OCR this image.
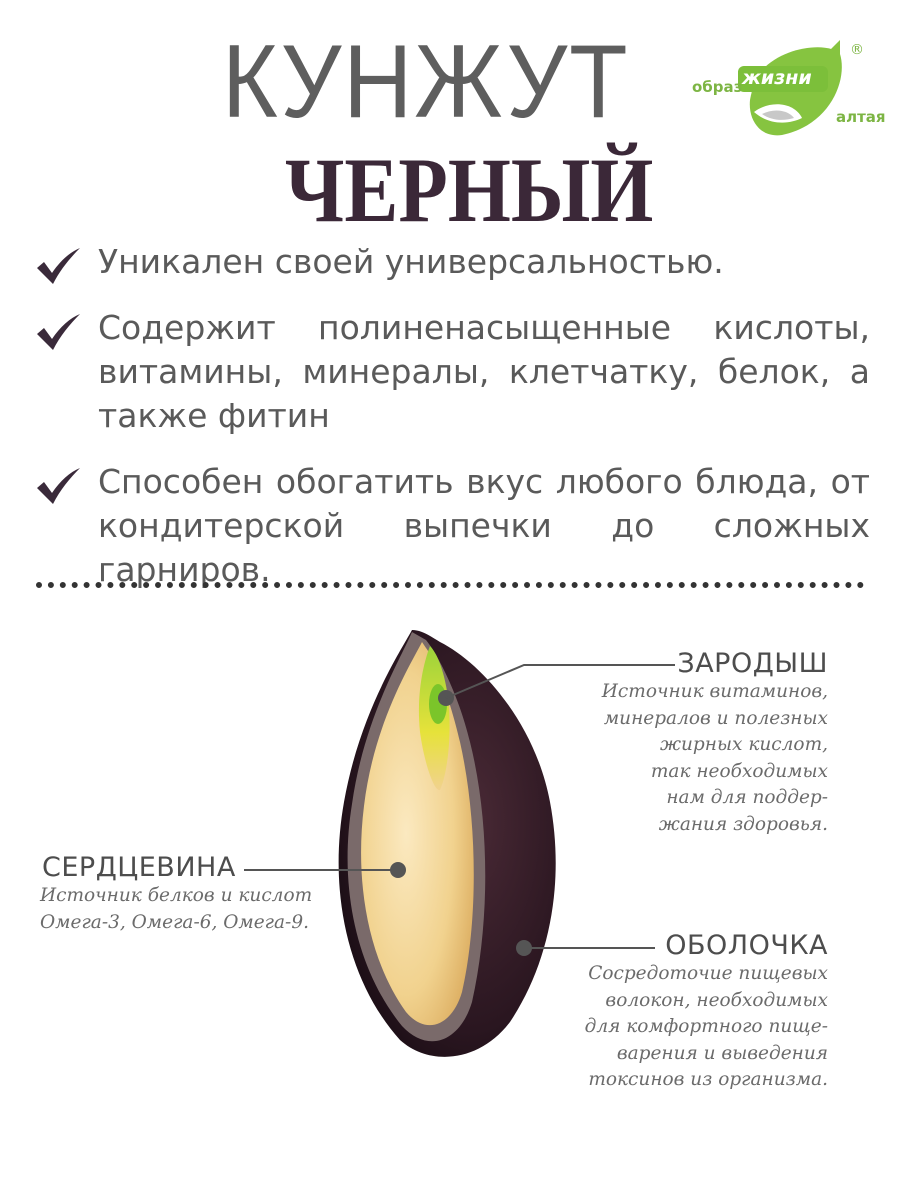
КУНЖУТ
ЧЕРНЫЙ
образ жизни
алтая
®
Уникален своей универсальностью.
Содержит полиненасыщенные кислоты, витамины, минералы, клетчатку, белок, а также фитин
Способен обогатить вкус любого блюда, от кондитерской выпечки до сложных гарниров.
ЗАРОДЫШ
Источник витаминов,
минералов и полезных
жирных кислот,
так необходимых
нам для поддер-
жания здоровья.
СЕРДЦЕВИНА
Источник белков и кислот
Омега-3, Омега-6, Омега-9.
ОБОЛОЧКА
Сосредоточие пищевых
волокон, необходимых
для комфортного пище-
варения и выведения
токсинов из организма.
